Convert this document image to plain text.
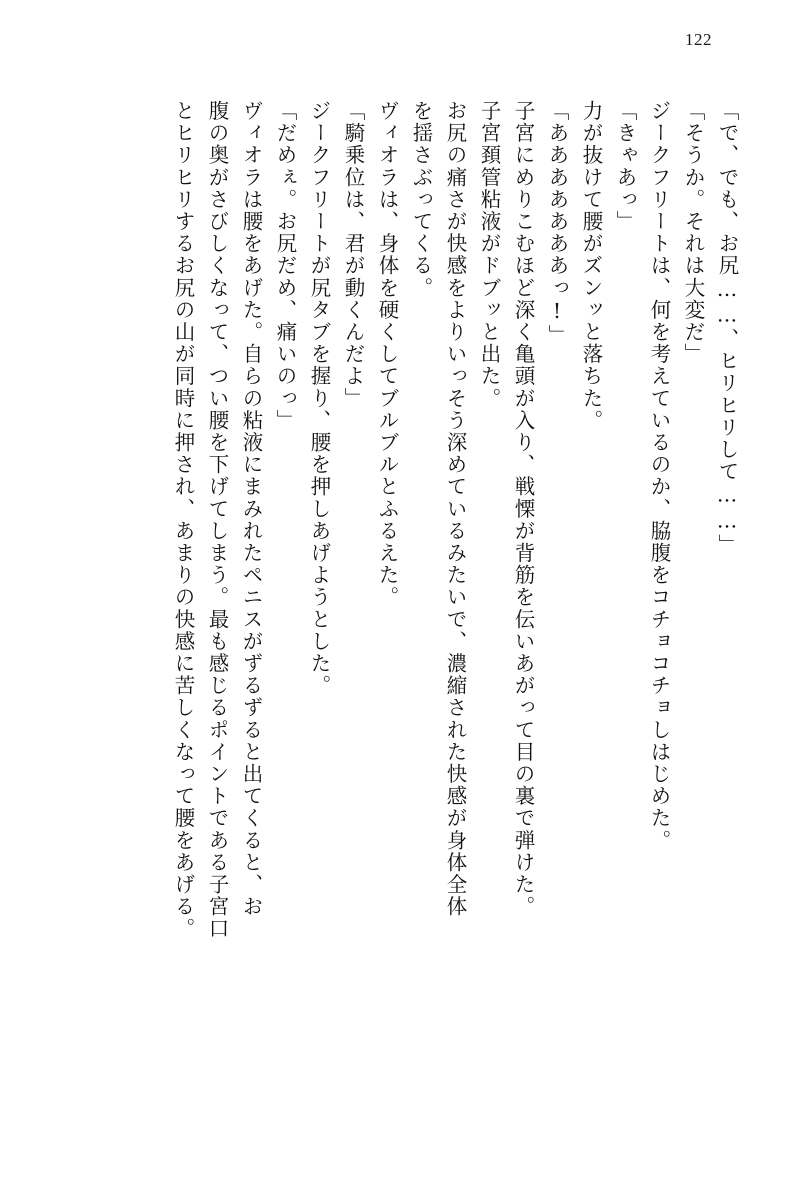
122
「で、でも、お尻……、ヒリヒリして……」
「そうか。それは大変だ」
ジークフリートは、何を考えているのか、脇腹をコチョコチョしはじめた。
「きゃあっ」
力が抜けて腰がズンッと落ちた。
「あああああああっ!」
子宮にめりこむほど深く亀頭が入り、戦慄が背筋を伝いあがって目の裏で弾けた。
子宮頚管粘液がドブッと出た。
お尻の痛さが快感をよりいっそう深めているみたいで、濃縮された快感が身体全体
を揺さぶってくる。
ヴィオラは、身体を硬くしてブルブルとふるえた。
「騎乗位は、君が動くんだよ」
ジークフリートが尻タブを握り、腰を押しあげようとした。
「だめぇ。お尻だめ、痛いのっ」
ヴィオラは腰をあげた。自らの粘液にまみれたペニスがずるずると出てくると、お
腹の奥がさびしくなって、つい腰を下げてしまう。最も感じるポイントである子宮口
とヒリヒリするお尻の山が同時に押され、あまりの快感に苦しくなって腰をあげる。
